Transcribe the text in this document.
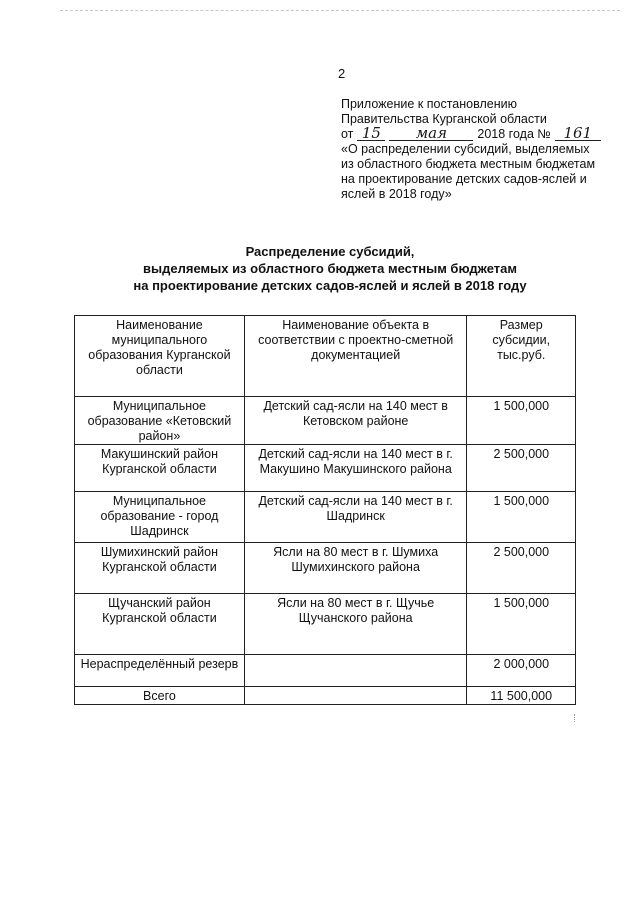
2
Приложение к постановлению
Правительства Курганской области
от 15 мая 2018 года № 161
«О распределении субсидий, выделяемых
из областного бюджета местным бюджетам
на проектирование детских садов-яслей и
яслей в 2018 году»
Распределение субсидий,
выделяемых из областного бюджета местным бюджетам
на проектирование детских садов-яслей и яслей в 2018 году
Наименование муниципального образования Курганской области	Наименование объекта в соответствии с проектно-сметной документацией	Размер субсидии, тыс.руб.
Муниципальное образование «Кетовский район»	Детский сад-ясли на 140 мест в Кетовском районе	1 500,000
Макушинский район Курганской области	Детский сад-ясли на 140 мест в г. Макушино Макушинского района	2 500,000
Муниципальное образование - город Шадринск	Детский сад-ясли на 140 мест в г. Шадринск	1 500,000
Шумихинский район Курганской области	Ясли на 80 мест в г. Шумиха Шумихинского района	2 500,000
Щучанский район Курганской области	Ясли на 80 мест в г. Щучье Щучанского района	1 500,000
Нераспределённый резерв		2 000,000
Всего		11 500,000
